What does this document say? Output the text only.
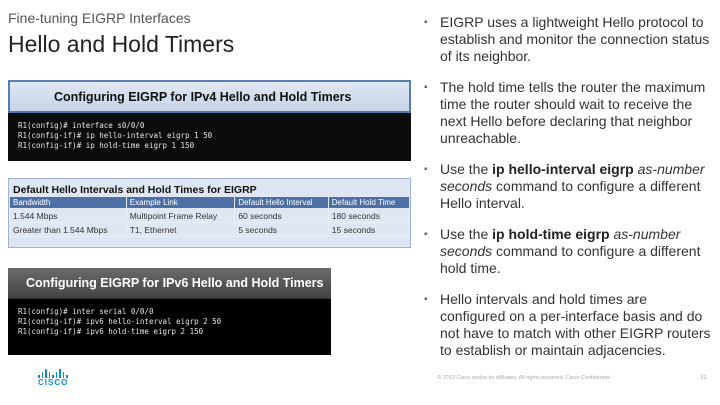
Fine-tuning EIGRP Interfaces
Hello and Hold Timers
Configuring EIGRP for IPv4 Hello and Hold Timers
R1(config)# interface s0/0/0
R1(config-if)# ip hello-interval eigrp 1 50
R1(config-if)# ip hold-time eigrp 1 150
Default Hello Intervals and Hold Times for EIGRP
Bandwidth	Example Link	Default Hello Interval	Default Hold Time
1.544 Mbps	Multipoint Frame Relay	60 seconds	180 seconds
Greater than 1.544 Mbps	T1, Ethernet	5 seconds	15 seconds
Configuring EIGRP for IPv6 Hello and Hold Timers
R1(config)# inter serial 0/0/0
R1(config-if)# ipv6 hello-interval eigrp 2 50
R1(config-if)# ipv6 hold-time eigrp 2 150
CISCO
▪ EIGRP uses a lightweight Hello protocol to establish and monitor the connection status of its neighbor.
▪ The hold time tells the router the maximum time the router should wait to receive the next Hello before declaring that neighbor unreachable.
▪ Use the ip hello-interval eigrp as-number seconds command to configure a different Hello interval.
▪ Use the ip hold-time eigrp as-number seconds command to configure a different hold time.
▪ Hello intervals and hold times are configured on a per-interface basis and do not have to match with other EIGRP routers to establish or maintain adjacencies.
© 2013 Cisco and/or its affiliates. All rights reserved. Cisco Confidential	31
